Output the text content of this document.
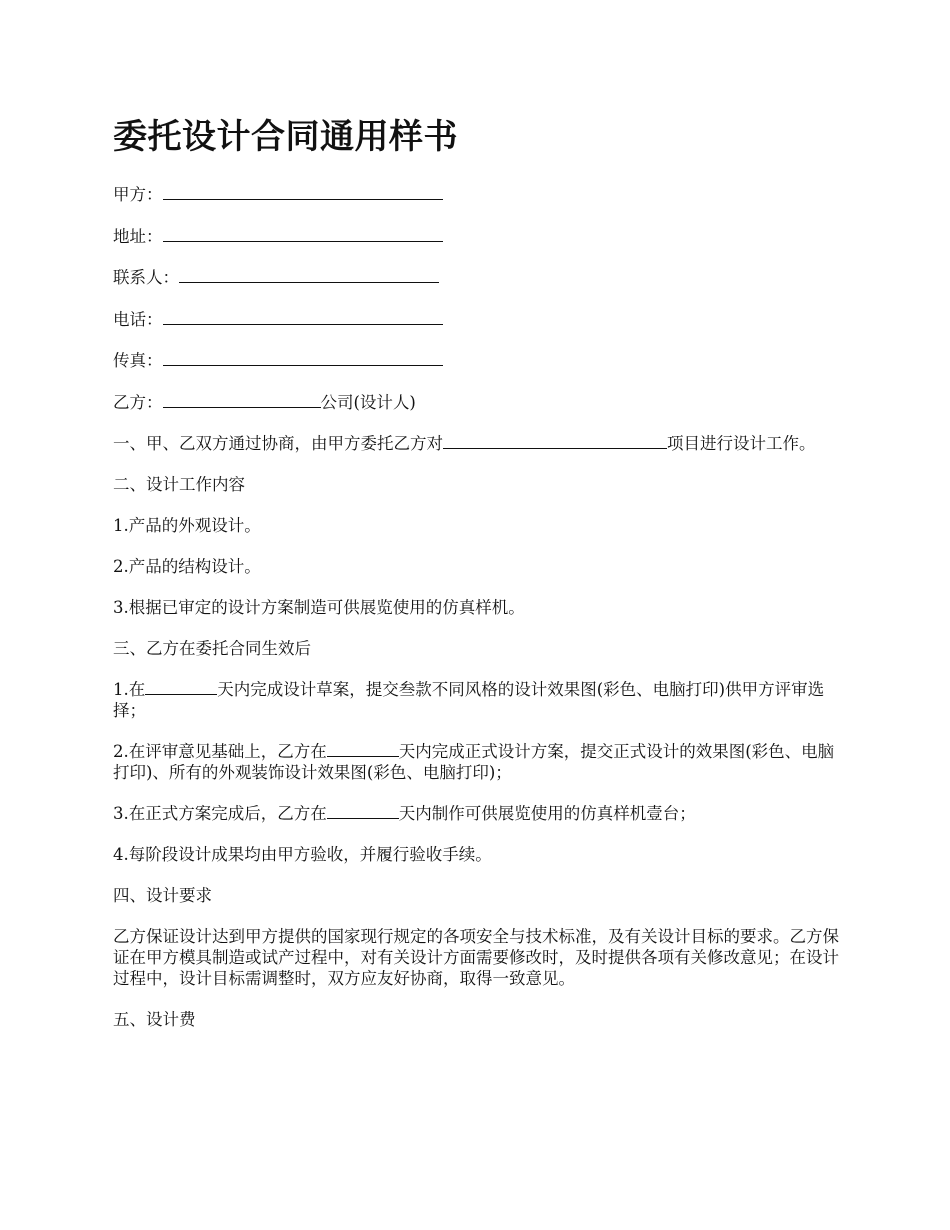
委托设计合同通用样书
甲方：
地址：
联系人：
电话：
传真：
乙方：	公司(设计人)
一、甲、乙双方通过协商，由甲方委托乙方对	项目进行设计工作。
二、设计工作内容
1.产品的外观设计。
2.产品的结构设计。
3.根据已审定的设计方案制造可供展览使用的仿真样机。
三、乙方在委托合同生效后
1.在	天内完成设计草案，提交叁款不同风格的设计效果图(彩色、电脑打印)供甲方评审选择；
2.在评审意见基础上，乙方在	天内完成正式设计方案，提交正式设计的效果图(彩色、电脑打印)、所有的外观装饰设计效果图(彩色、电脑打印)；
3.在正式方案完成后，乙方在	天内制作可供展览使用的仿真样机壹台；
4.每阶段设计成果均由甲方验收，并履行验收手续。
四、设计要求
乙方保证设计达到甲方提供的国家现行规定的各项安全与技术标准，及有关设计目标的要求。乙方保证在甲方模具制造或试产过程中，对有关设计方面需要修改时，及时提供各项有关修改意见；在设计过程中，设计目标需调整时，双方应友好协商，取得一致意见。
五、设计费
